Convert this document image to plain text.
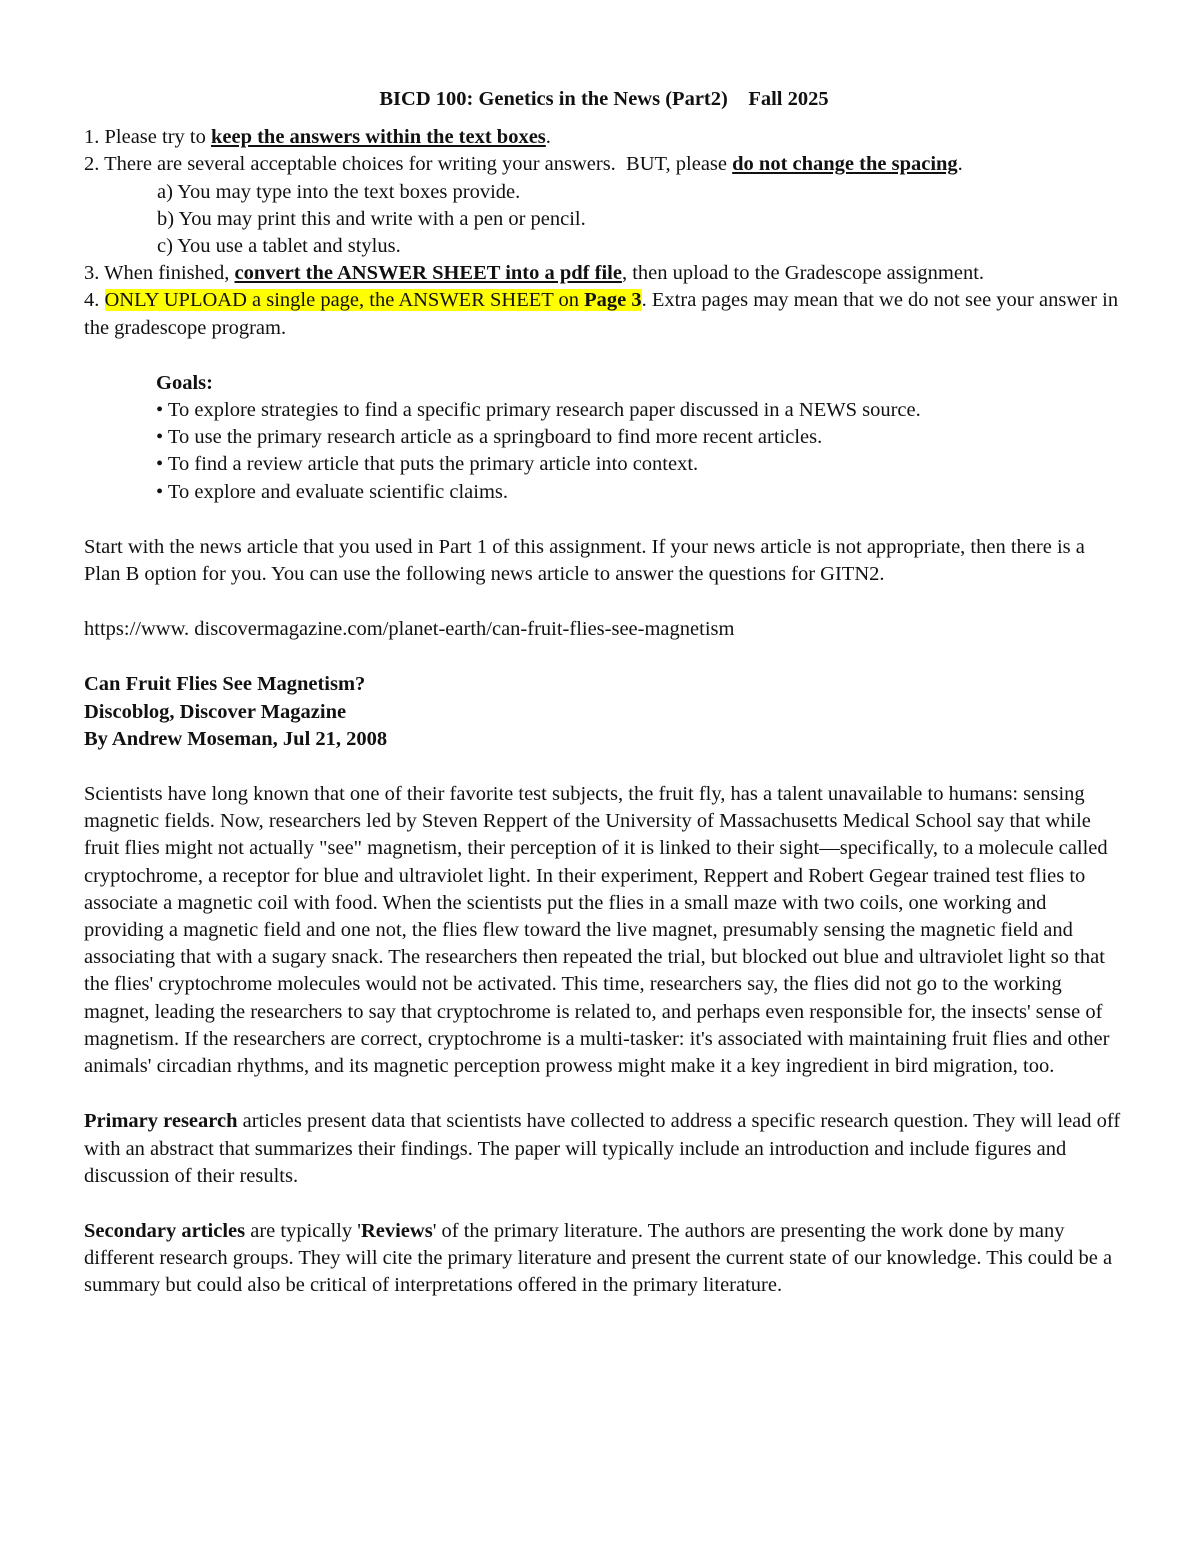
BICD 100: Genetics in the News (Part2)    Fall 2025

1. Please try to keep the answers within the text boxes.

2. There are several acceptable choices for writing your answers.  BUT, please do not change the spacing.

a) You may type into the text boxes provide.

b) You may print this and write with a pen or pencil.

c) You use a tablet and stylus.

3. When finished, convert the ANSWER SHEET into a pdf file, then upload to the Gradescope assignment.

4. ONLY UPLOAD a single page, the ANSWER SHEET on Page 3. Extra pages may mean that we do not see your answer in the gradescope program.

Goals:

• To explore strategies to find a specific primary research paper discussed in a NEWS source.

• To use the primary research article as a springboard to find more recent articles.

• To find a review article that puts the primary article into context.

• To explore and evaluate scientific claims.

Start with the news article that you used in Part 1 of this assignment. If your news article is not appropriate, then there is a Plan B option for you. You can use the following news article to answer the questions for GITN2.

https://www. discovermagazine.com/planet-earth/can-fruit-flies-see-magnetism

Can Fruit Flies See Magnetism?

Discoblog, Discover Magazine

By Andrew Moseman, Jul 21, 2008

Scientists have long known that one of their favorite test subjects, the fruit fly, has a talent unavailable to humans: sensing magnetic fields. Now, researchers led by Steven Reppert of the University of Massachusetts Medical School say that while fruit flies might not actually "see" magnetism, their perception of it is linked to their sight—specifically, to a molecule called cryptochrome, a receptor for blue and ultraviolet light. In their experiment, Reppert and Robert Gegear trained test flies to associate a magnetic coil with food. When the scientists put the flies in a small maze with two coils, one working and providing a magnetic field and one not, the flies flew toward the live magnet, presumably sensing the magnetic field and associating that with a sugary snack. The researchers then repeated the trial, but blocked out blue and ultraviolet light so that the flies' cryptochrome molecules would not be activated. This time, researchers say, the flies did not go to the working magnet, leading the researchers to say that cryptochrome is related to, and perhaps even responsible for, the insects' sense of magnetism. If the researchers are correct, cryptochrome is a multi-tasker: it's associated with maintaining fruit flies and other animals' circadian rhythms, and its magnetic perception prowess might make it a key ingredient in bird migration, too.

Primary research articles present data that scientists have collected to address a specific research question. They will lead off with an abstract that summarizes their findings. The paper will typically include an introduction and include figures and discussion of their results.

Secondary articles are typically 'Reviews' of the primary literature. The authors are presenting the work done by many different research groups. They will cite the primary literature and present the current state of our knowledge. This could be a summary but could also be critical of interpretations offered in the primary literature.
